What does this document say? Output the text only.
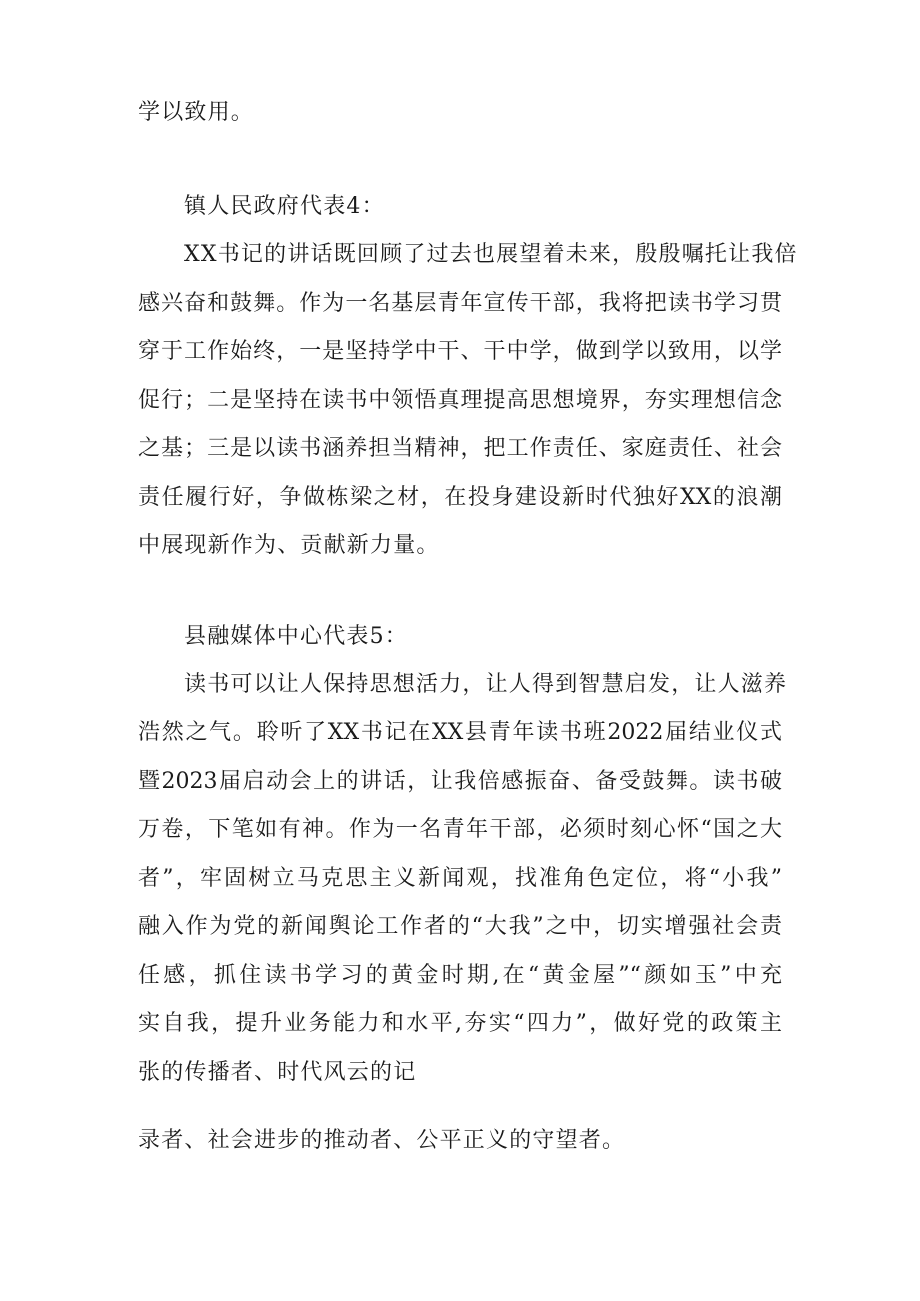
学以致用。
镇人民政府代表4：
XX书记的讲话既回顾了过去也展望着未来，殷殷嘱托让我倍
感兴奋和鼓舞。作为一名基层青年宣传干部，我将把读书学习贯
穿于工作始终，一是坚持学中干、干中学，做到学以致用，以学
促行；二是坚持在读书中领悟真理提高思想境界，夯实理想信念
之基；三是以读书涵养担当精神，把工作责任、家庭责任、社会
责任履行好，争做栋梁之材，在投身建设新时代独好XX的浪潮
中展现新作为、贡献新力量。
县融媒体中心代表5：
读书可以让人保持思想活力，让人得到智慧启发，让人滋养
浩然之气。聆听了XX书记在XX县青年读书班2022届结业仪式
暨2023届启动会上的讲话，让我倍感振奋、备受鼓舞。读书破
万卷，下笔如有神。作为一名青年干部，必须时刻心怀“国之大
者”，牢固树立马克思主义新闻观，找准角色定位，将“小我”
融入作为党的新闻舆论工作者的“大我”之中，切实增强社会责
任感，抓住读书学习的黄金时期,在“黄金屋”“颜如玉”中充
实自我，提升业务能力和水平,夯实“四力”，做好党的政策主
张的传播者、时代风云的记
录者、社会进步的推动者、公平正义的守望者。
